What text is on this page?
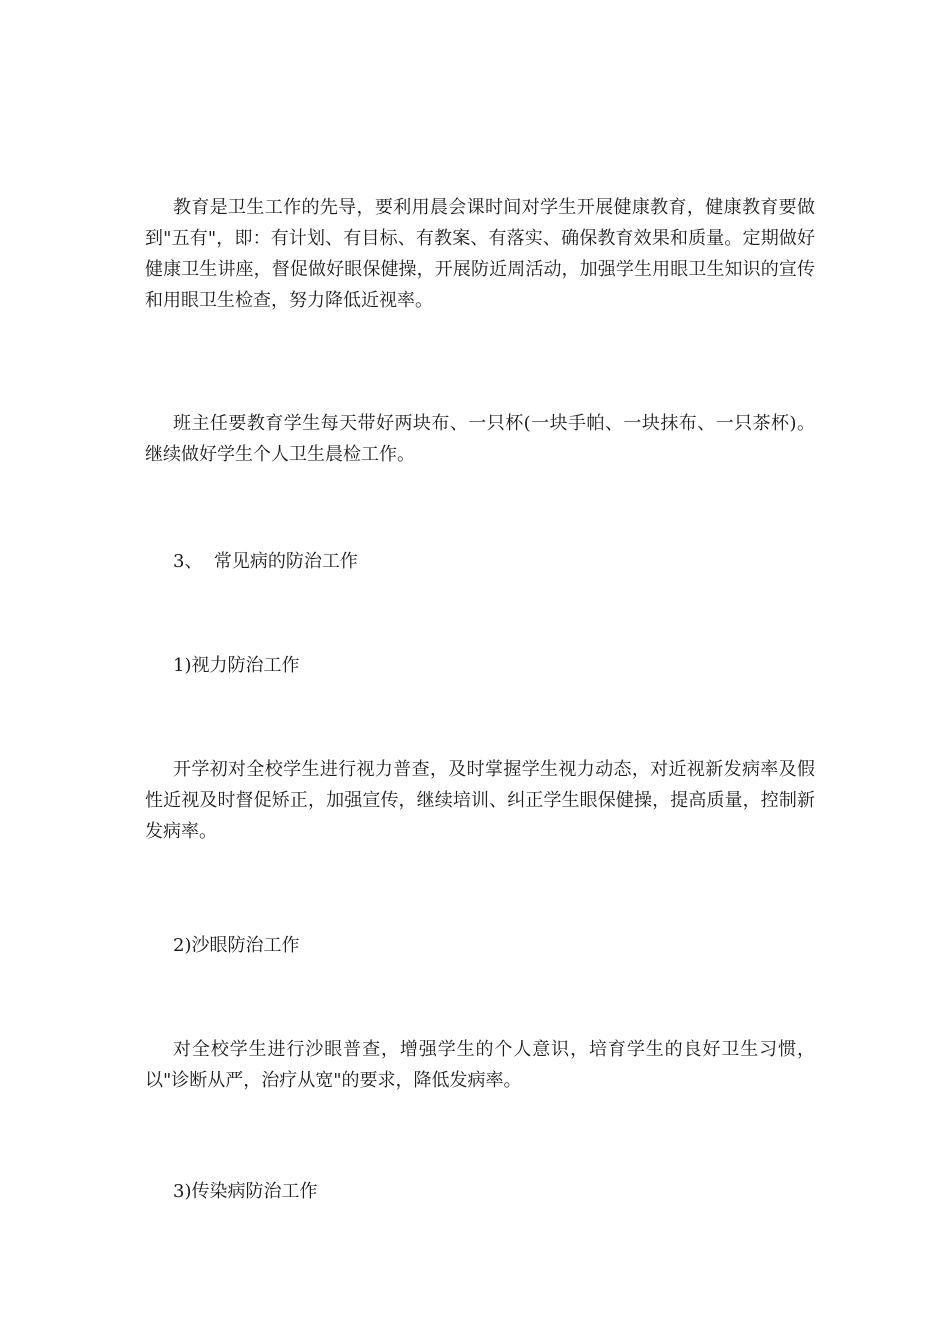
教育是卫生工作的先导，要利用晨会课时间对学生开展健康教育，健康教育要做到"五有"，即：有计划、有目标、有教案、有落实、确保教育效果和质量。定期做好健康卫生讲座，督促做好眼保健操，开展防近周活动，加强学生用眼卫生知识的宣传和用眼卫生检查，努力降低近视率。

班主任要教育学生每天带好两块布、一只杯(一块手帕、一块抹布、一只茶杯)。继续做好学生个人卫生晨检工作。

3、  常见病的防治工作

1)视力防治工作

开学初对全校学生进行视力普查，及时掌握学生视力动态，对近视新发病率及假性近视及时督促矫正，加强宣传，继续培训、纠正学生眼保健操，提高质量，控制新发病率。

2)沙眼防治工作

对全校学生进行沙眼普查，增强学生的个人意识，培育学生的良好卫生习惯，以"诊断从严，治疗从宽"的要求，降低发病率。

3)传染病防治工作
